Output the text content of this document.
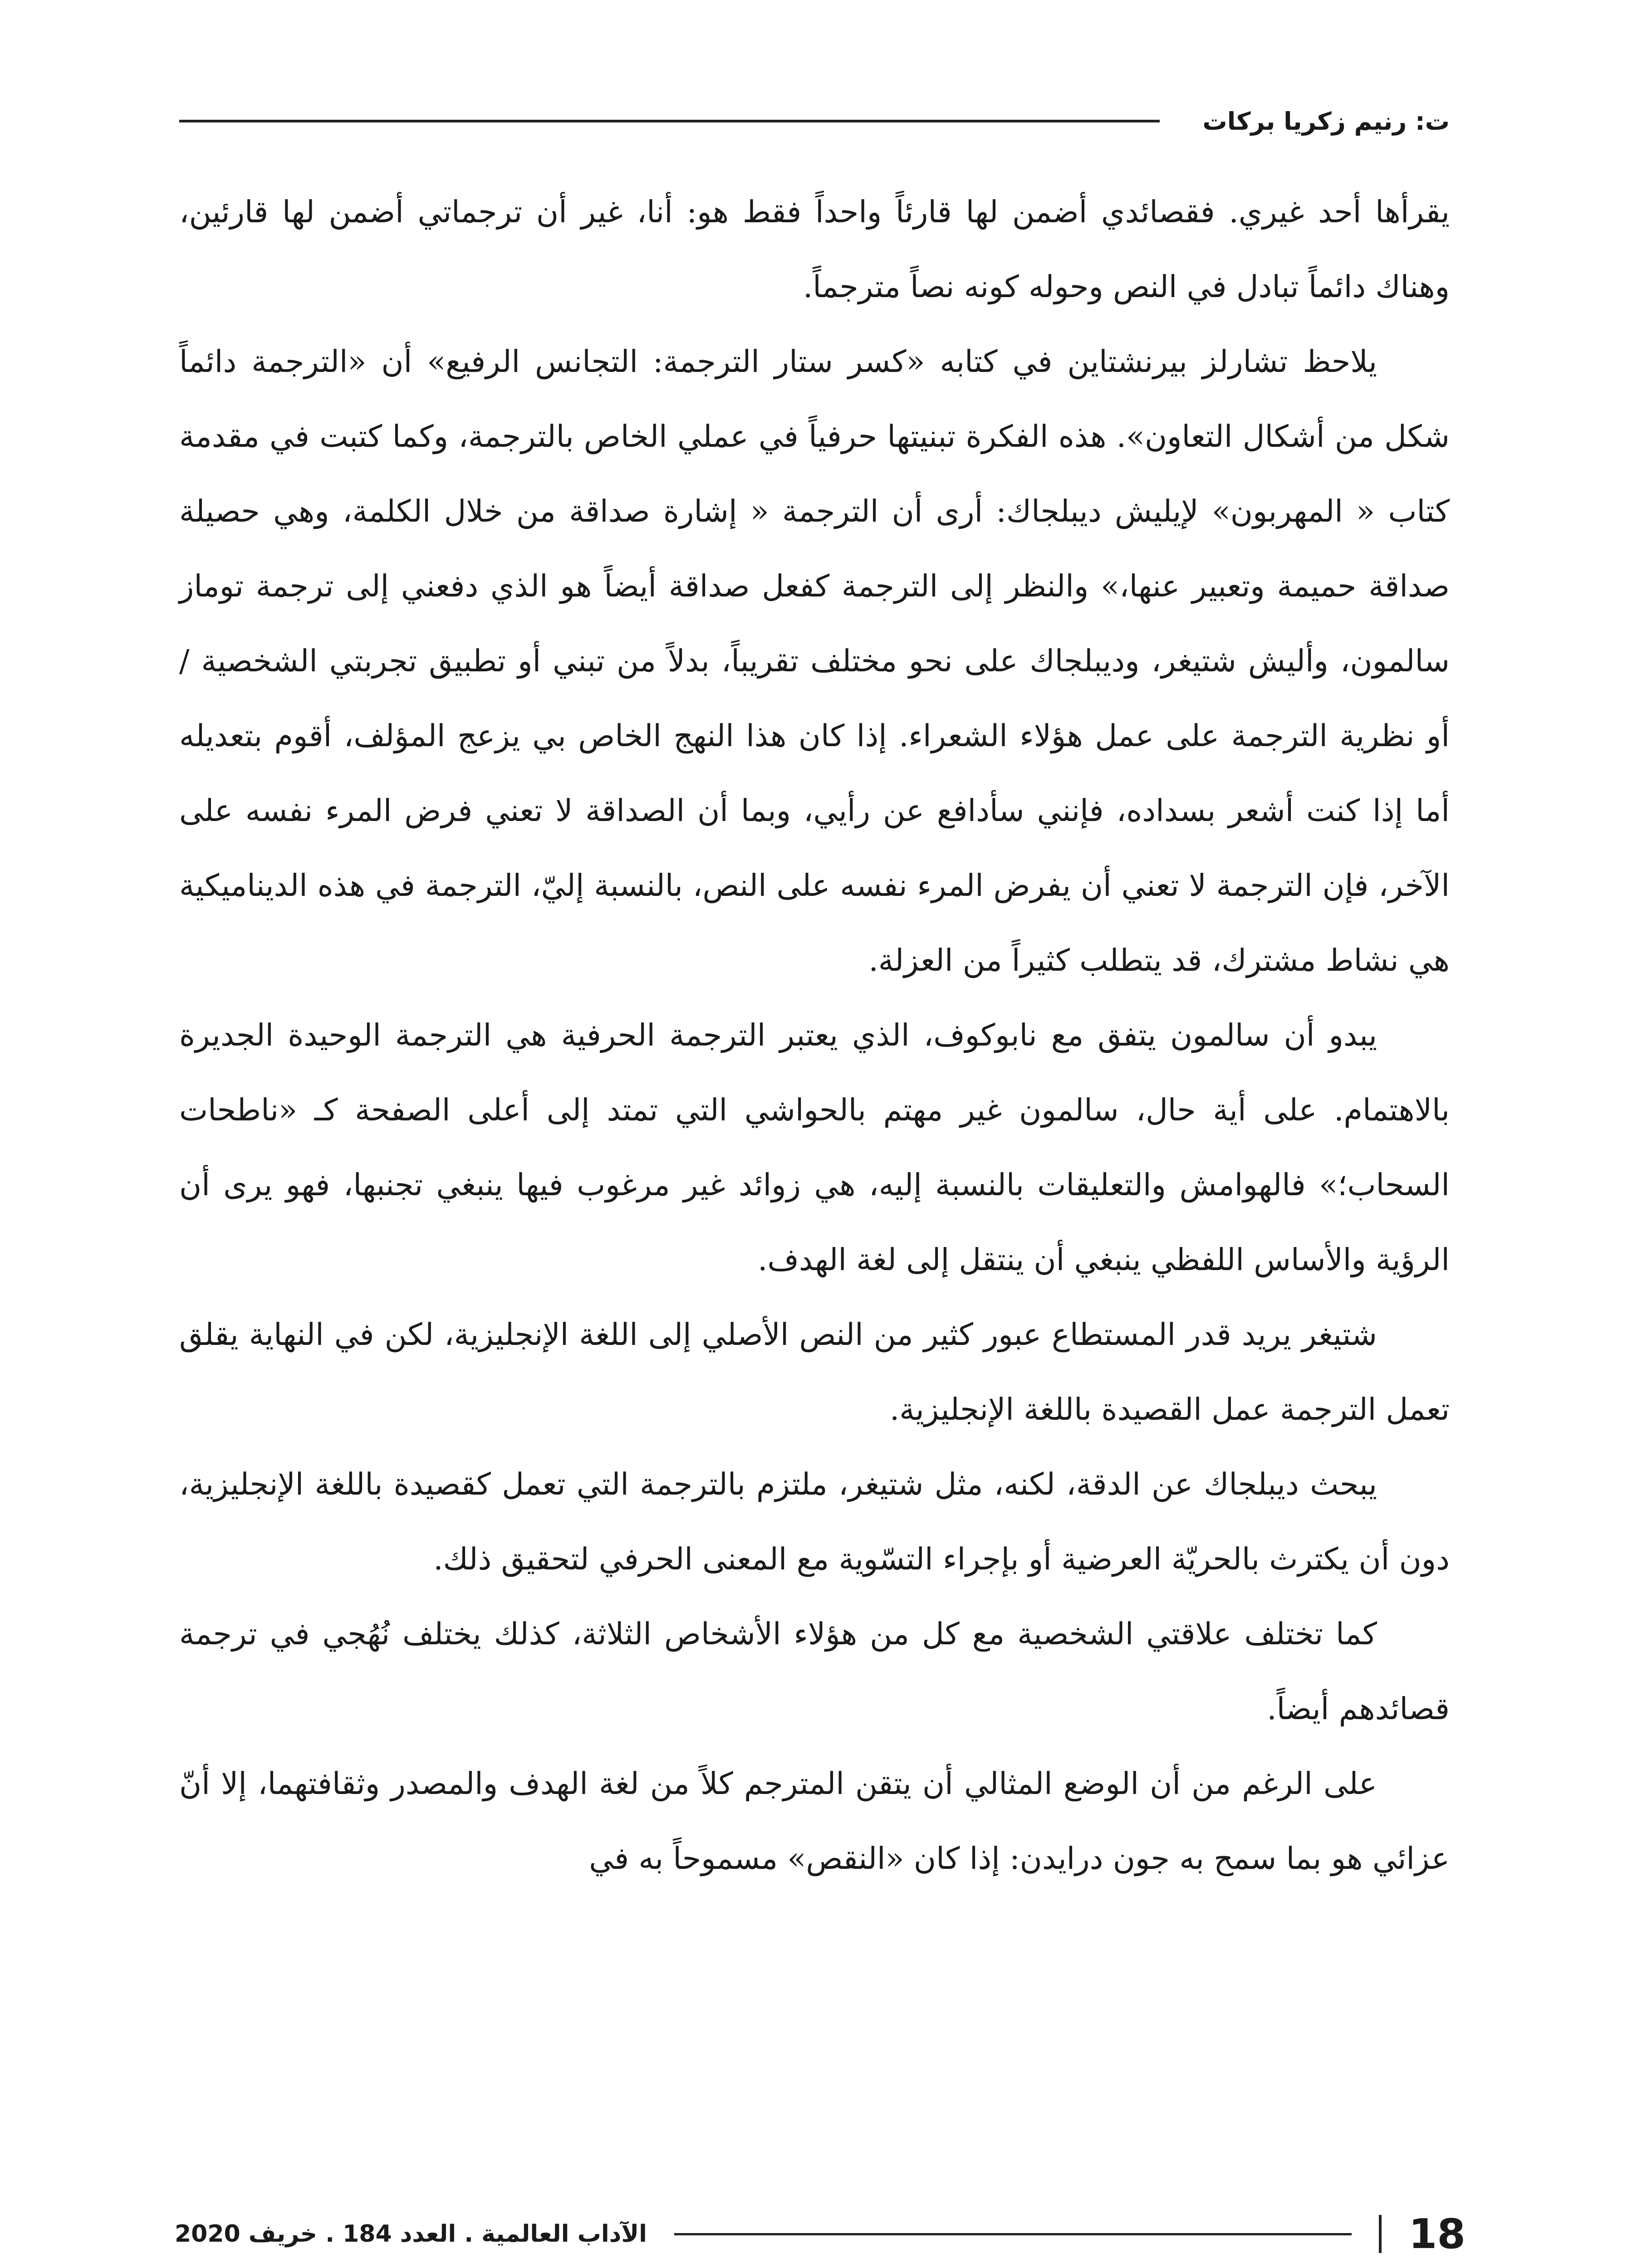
ت: رنيم زكريا بركات

يقرأها أحد غيري. فقصائدي أضمن لها قارئاً واحداً فقط هو: أنا، غير أن ترجماتي أضمن لها قارئين، وهناك دائماً تبادل في النص وحوله كونه نصاً مترجماً.

يلاحظ تشارلز بيرنشتاين في كتابه «كسر ستار الترجمة: التجانس الرفيع» أن «الترجمة دائماً شكل من أشكال التعاون». هذه الفكرة تبنيتها حرفياً في عملي الخاص بالترجمة، وكما كتبت في مقدمة كتاب « المهربون» لإيليش ديبلجاك: أرى أن الترجمة « إشارة صداقة من خلال الكلمة، وهي حصيلة صداقة حميمة وتعبير عنها،» والنظر إلى الترجمة كفعل صداقة أيضاً هو الذي دفعني إلى ترجمة توماز سالمون، وأليش شتيغر، وديبلجاك على نحو مختلف تقريباً، بدلاً من تبني أو تطبيق تجربتي الشخصية / أو نظرية الترجمة على عمل هؤلاء الشعراء. إذا كان هذا النهج الخاص بي يزعج المؤلف، أقوم بتعديله أما إذا كنت أشعر بسداده، فإنني سأدافع عن رأيي، وبما أن الصداقة لا تعني فرض المرء نفسه على الآخر، فإن الترجمة لا تعني أن يفرض المرء نفسه على النص، بالنسبة إليّ، الترجمة في هذه الديناميكية هي نشاط مشترك، قد يتطلب كثيراً من العزلة.

يبدو أن سالمون يتفق مع نابوكوف، الذي يعتبر الترجمة الحرفية هي الترجمة الوحيدة الجديرة بالاهتمام. على أية حال، سالمون غير مهتم بالحواشي التي تمتد إلى أعلى الصفحة كـ «ناطحات السحاب؛» فالهوامش والتعليقات بالنسبة إليه، هي زوائد غير مرغوب فيها ينبغي تجنبها، فهو يرى أن الرؤية والأساس اللفظي ينبغي أن ينتقل إلى لغة الهدف.

شتيغر يريد قدر المستطاع عبور كثير من النص الأصلي إلى اللغة الإنجليزية، لكن في النهاية يقلق تعمل الترجمة عمل القصيدة باللغة الإنجليزية.

يبحث ديبلجاك عن الدقة، لكنه، مثل شتيغر، ملتزم بالترجمة التي تعمل كقصيدة باللغة الإنجليزية، دون أن يكترث بالحريّة العرضية أو بإجراء التسّوية مع المعنى الحرفي لتحقيق ذلك.

كما تختلف علاقتي الشخصية مع كل من هؤلاء الأشخاص الثلاثة، كذلك يختلف نُهُجي في ترجمة قصائدهم أيضاً.

على الرغم من أن الوضع المثالي أن يتقن المترجم كلاً من لغة الهدف والمصدر وثقافتهما، إلا أنّ عزائي هو بما سمح به جون درايدن: إذا كان «النقص» مسموحاً به في

18
الآداب العالمية . العدد 184 . خريف 2020
